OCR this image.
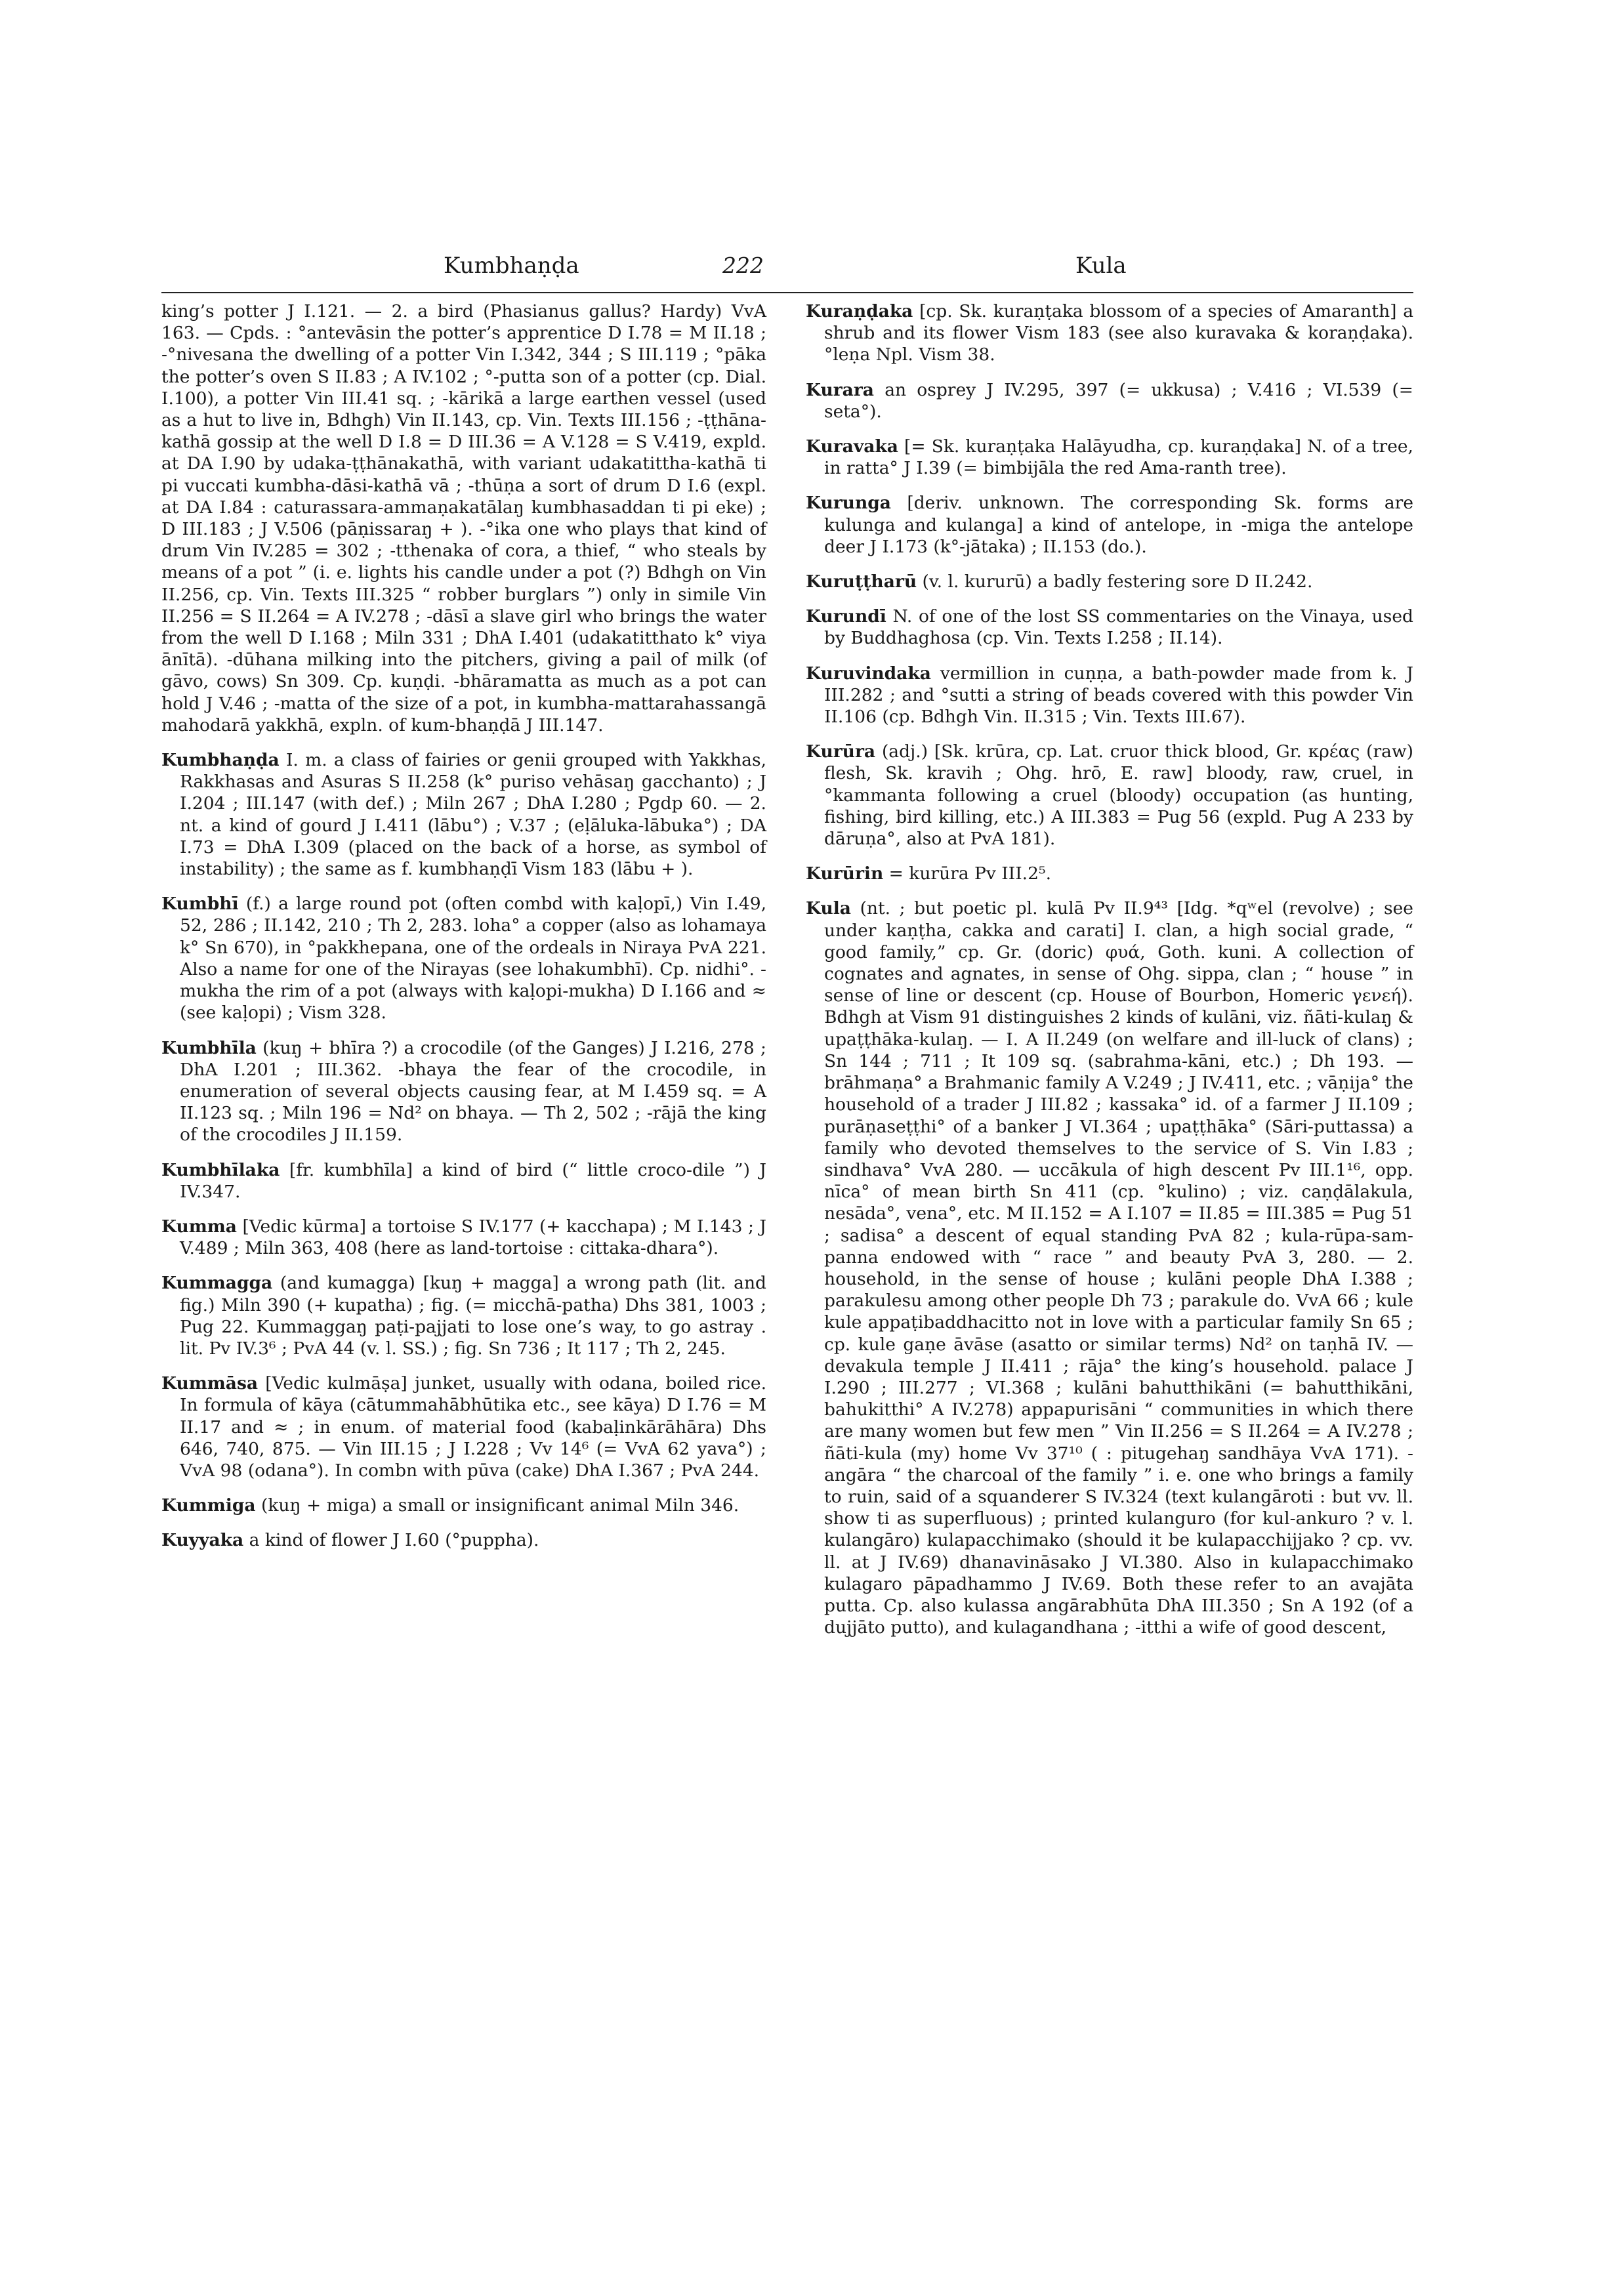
Kumbhaṇḍa	222	Kula

king’s potter J I.121. — 2. a bird (Phasianus gallus? Hardy) VvA 163. — Cpds. : °antevāsin the potter’s apprentice D I.78 = M II.18 ; -°nivesana the dwelling of a potter Vin I.342, 344 ; S III.119 ; °pāka the potter’s oven S II.83 ; A IV.102 ; °-putta son of a potter (cp. Dial. I.100), a potter Vin III.41 sq. ; -kārikā a large earthen vessel (used as a hut to live in, Bdhgh) Vin II.143, cp. Vin. Texts III.156 ; -ṭṭhāna-kathā gossip at the well D I.8 = D III.36 = A V.128 = S V.419, expld. at DA I.90 by udaka-ṭṭhānakathā, with variant udakatittha-kathā ti pi vuccati kumbha-dāsi-kathā vā ; -thūṇa a sort of drum D I.6 (expl. at DA I.84 : caturassara-ammaṇakatālaŋ kumbhasaddan ti pi eke) ; D III.183 ; J V.506 (pāṇissaraŋ + ). -°ika one who plays that kind of drum Vin IV.285 = 302 ; -tthenaka of cora, a thief, “ who steals by means of a pot ” (i. e. lights his candle under a pot (?) Bdhgh on Vin II.256, cp. Vin. Texts III.325 “ robber burglars ”) only in simile Vin II.256 = S II.264 = A IV.278 ; -dāsī a slave girl who brings the water from the well D I.168 ; Miln 331 ; DhA I.401 (udakatitthato k° viya ānītā). -dūhana milking into the pitchers, giving a pail of milk (of gāvo, cows) Sn 309. Cp. kuṇḍi. -bhāramatta as much as a pot can hold J V.46 ; -matta of the size of a pot, in kumbha-mattarahassangā mahodarā yakkhā, expln. of kum-bhaṇḍā J III.147.

Kumbhaṇḍa I. m. a class of fairies or genii grouped with Yakkhas, Rakkhasas and Asuras S II.258 (k° puriso vehāsaŋ gacchanto) ; J I.204 ; III.147 (with def.) ; Miln 267 ; DhA I.280 ; Pgdp 60. — 2. nt. a kind of gourd J I.411 (lābu°) ; V.37 ; (eḷāluka-lābuka°) ; DA I.73 = DhA I.309 (placed on the back of a horse, as symbol of instability) ; the same as f. kumbhaṇḍī Vism 183 (lābu + ).

Kumbhī (f.) a large round pot (often combd with kaḷopī,) Vin I.49, 52, 286 ; II.142, 210 ; Th 2, 283. loha° a copper (also as lohamaya k° Sn 670), in °pakkhepana, one of the ordeals in Niraya PvA 221. Also a name for one of the Nirayas (see lohakumbhī). Cp. nidhi°. -mukha the rim of a pot (always with kaḷopi-mukha) D I.166 and ≈ (see kaḷopi) ; Vism 328.

Kumbhīla (kuŋ + bhīra ?) a crocodile (of the Ganges) J I.216, 278 ; DhA I.201 ; III.362. -bhaya the fear of the crocodile, in enumeration of several objects causing fear, at M I.459 sq. = A II.123 sq. ; Miln 196 = Nd² on bhaya. — Th 2, 502 ; -rājā the king of the crocodiles J II.159.

Kumbhīlaka [fr. kumbhīla] a kind of bird (“ little croco-dile ”) J IV.347.

Kumma [Vedic kūrma] a tortoise S IV.177 (+ kacchapa) ; M I.143 ; J V.489 ; Miln 363, 408 (here as land-tortoise : cittaka-dhara°).

Kummagga (and kumagga) [kuŋ + magga] a wrong path (lit. and fig.) Miln 390 (+ kupatha) ; fig. (= micchā-patha) Dhs 381, 1003 ; Pug 22. Kummaggaŋ paṭi-pajjati to lose one’s way, to go astray . lit. Pv IV.3⁶ ; PvA 44 (v. l. SS.) ; fig. Sn 736 ; It 117 ; Th 2, 245.

Kummāsa [Vedic kulmāṣa] junket, usually with odana, boiled rice. In formula of kāya (cātummahābhūtika etc., see kāya) D I.76 = M II.17 and ≈ ; in enum. of material food (kabaḷinkārāhāra) Dhs 646, 740, 875. — Vin III.15 ; J I.228 ; Vv 14⁶ (= VvA 62 yava°) ; VvA 98 (odana°). In combn with pūva (cake) DhA I.367 ; PvA 244.

Kummiga (kuŋ + miga) a small or insignificant animal Miln 346.

Kuyyaka a kind of flower J I.60 (°puppha).

Kuraṇḍaka [cp. Sk. kuraṇṭaka blossom of a species of Amaranth] a shrub and its flower Vism 183 (see also kuravaka & koraṇḍaka). °leṇa Npl. Vism 38.

Kurara an osprey J IV.295, 397 (= ukkusa) ; V.416 ; VI.539 (= seta°).

Kuravaka [= Sk. kuraṇṭaka Halāyudha, cp. kuraṇḍaka] N. of a tree, in ratta° J I.39 (= bimbijāla the red Ama-ranth tree).

Kurunga [deriv. unknown. The corresponding Sk. forms are kulunga and kulanga] a kind of antelope, in -miga the antelope deer J I.173 (k°-jātaka) ; II.153 (do.).

Kuruṭṭharū (v. l. kururū) a badly festering sore D II.242.

Kurundī N. of one of the lost SS commentaries on the Vinaya, used by Buddhaghosa (cp. Vin. Texts I.258 ; II.14).

Kuruvindaka vermillion in cuṇṇa, a bath-powder made from k. J III.282 ; and °sutti a string of beads covered with this powder Vin II.106 (cp. Bdhgh Vin. II.315 ; Vin. Texts III.67).

Kurūra (adj.) [Sk. krūra, cp. Lat. cruor thick blood, Gr. κρέας (raw) flesh, Sk. kravih ; Ohg. hrō, E. raw] bloody, raw, cruel, in °kammanta following a cruel (bloody) occupation (as hunting, fishing, bird killing, etc.) A III.383 = Pug 56 (expld. Pug A 233 by dāruṇa°, also at PvA 181).

Kurūrin = kurūra Pv III.2⁵.

Kula (nt. ; but poetic pl. kulā Pv II.9⁴³ [Idg. *qʷel (revolve) ; see under kaṇṭha, cakka and carati] I. clan, a high social grade, “ good family,” cp. Gr. (doric) φυά, Goth. kuni. A collection of cognates and agnates, in sense of Ohg. sippa, clan ; “ house ” in sense of line or descent (cp. House of Bourbon, Homeric γενεή). Bdhgh at Vism 91 distinguishes 2 kinds of kulāni, viz. ñāti-kulaŋ & upaṭṭhāka-kulaŋ. — I. A II.249 (on welfare and ill-luck of clans) ; Sn 144 ; 711 ; It 109 sq. (sabrahma-kāni, etc.) ; Dh 193. — brāhmaṇa° a Brahmanic family A V.249 ; J IV.411, etc. ; vāṇija° the household of a trader J III.82 ; kassaka° id. of a farmer J II.109 ; purāṇaseṭṭhi° of a banker J VI.364 ; upaṭṭhāka° (Sāri-puttassa) a family who devoted themselves to the service of S. Vin I.83 ; sindhava° VvA 280. — uccākula of high descent Pv III.1¹⁶, opp. nīca° of mean birth Sn 411 (cp. °kulino) ; viz. caṇḍālakula, nesāda°, vena°, etc. M II.152 = A I.107 = II.85 = III.385 = Pug 51 ; sadisa° a descent of equal standing PvA 82 ; kula-rūpa-sam-panna endowed with “ race ” and beauty PvA 3, 280. — 2. household, in the sense of house ; kulāni people DhA I.388 ; parakulesu among other people Dh 73 ; parakule do. VvA 66 ; kule kule appaṭibaddhacitto not in love with a particular family Sn 65 ; cp. kule gaṇe āvāse (asatto or similar terms) Nd² on taṇhā IV. — devakula temple J II.411 ; rāja° the king’s household. palace J I.290 ; III.277 ; VI.368 ; kulāni bahutthikāni (= bahutthikāni, bahukitthi° A IV.278) appapurisāni “ communities in which there are many women but few men ” Vin II.256 = S II.264 = A IV.278 ; ñāti-kula (my) home Vv 37¹⁰ ( : pitugehaŋ sandhāya VvA 171). -angāra “ the charcoal of the family ” i. e. one who brings a family to ruin, said of a squanderer S IV.324 (text kulangāroti : but vv. ll. show ti as superfluous) ; printed kulanguro (for kul-ankuro ? v. l. kulangāro) kulapacchimako (should it be kulapacchijjako ? cp. vv. ll. at J IV.69) dhanavināsako J VI.380. Also in kulapacchimako kulagaro pāpadhammo J IV.69. Both these refer to an avajāta putta. Cp. also kulassa angārabhūta DhA III.350 ; Sn A 192 (of a dujjāto putto), and kulagandhana ; -itthi a wife of good descent,
